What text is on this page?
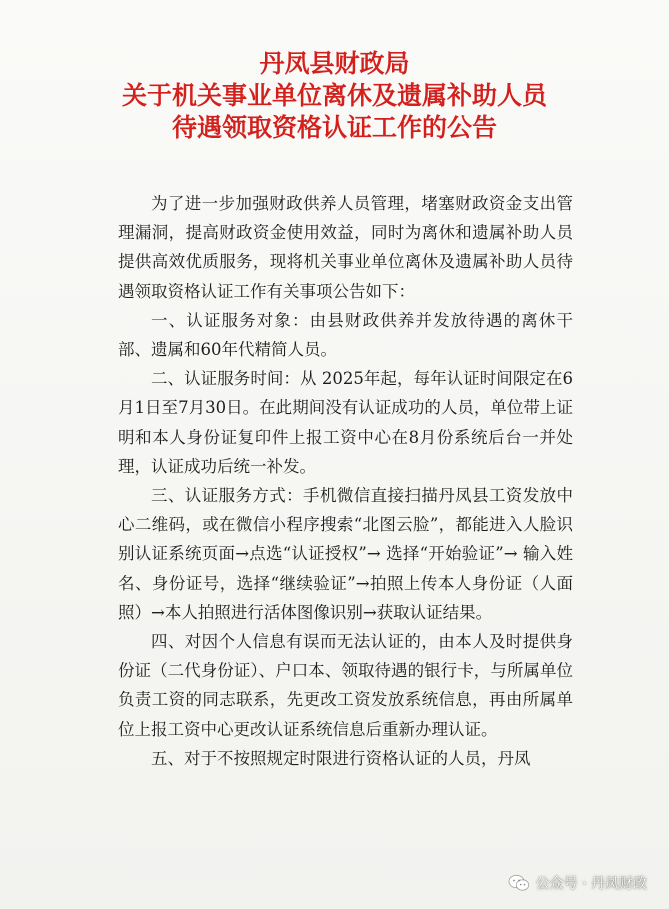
丹凤县财政局
关于机关事业单位离休及遗属补助人员
待遇领取资格认证工作的公告

为了进一步加强财政供养人员管理，堵塞财政资金支出管理漏洞，提高财政资金使用效益，同时为离休和遗属补助人员提供高效优质服务，现将机关事业单位离休及遗属补助人员待遇领取资格认证工作有关事项公告如下：

一、认证服务对象：由县财政供养并发放待遇的离休干部、遗属和60年代精简人员。

二、认证服务时间：从 2025年起，每年认证时间限定在6月1日至7月30日。在此期间没有认证成功的人员，单位带上证明和本人身份证复印件上报工资中心在8月份系统后台一并处理，认证成功后统一补发。

三、认证服务方式：手机微信直接扫描丹凤县工资发放中心二维码，或在微信小程序搜索“北图云脸”，都能进入人脸识别认证系统页面→点选“认证授权”→ 选择“开始验证”→ 输入姓名、身份证号，选择“继续验证”→拍照上传本人身份证（人面照）→本人拍照进行活体图像识别→获取认证结果。

四、对因个人信息有误而无法认证的，由本人及时提供身份证（二代身份证）、户口本、领取待遇的银行卡，与所属单位负责工资的同志联系，先更改工资发放系统信息，再由所属单位上报工资中心更改认证系统信息后重新办理认证。

五、对于不按照规定时限进行资格认证的人员，丹凤

公众号 · 丹凤财政
